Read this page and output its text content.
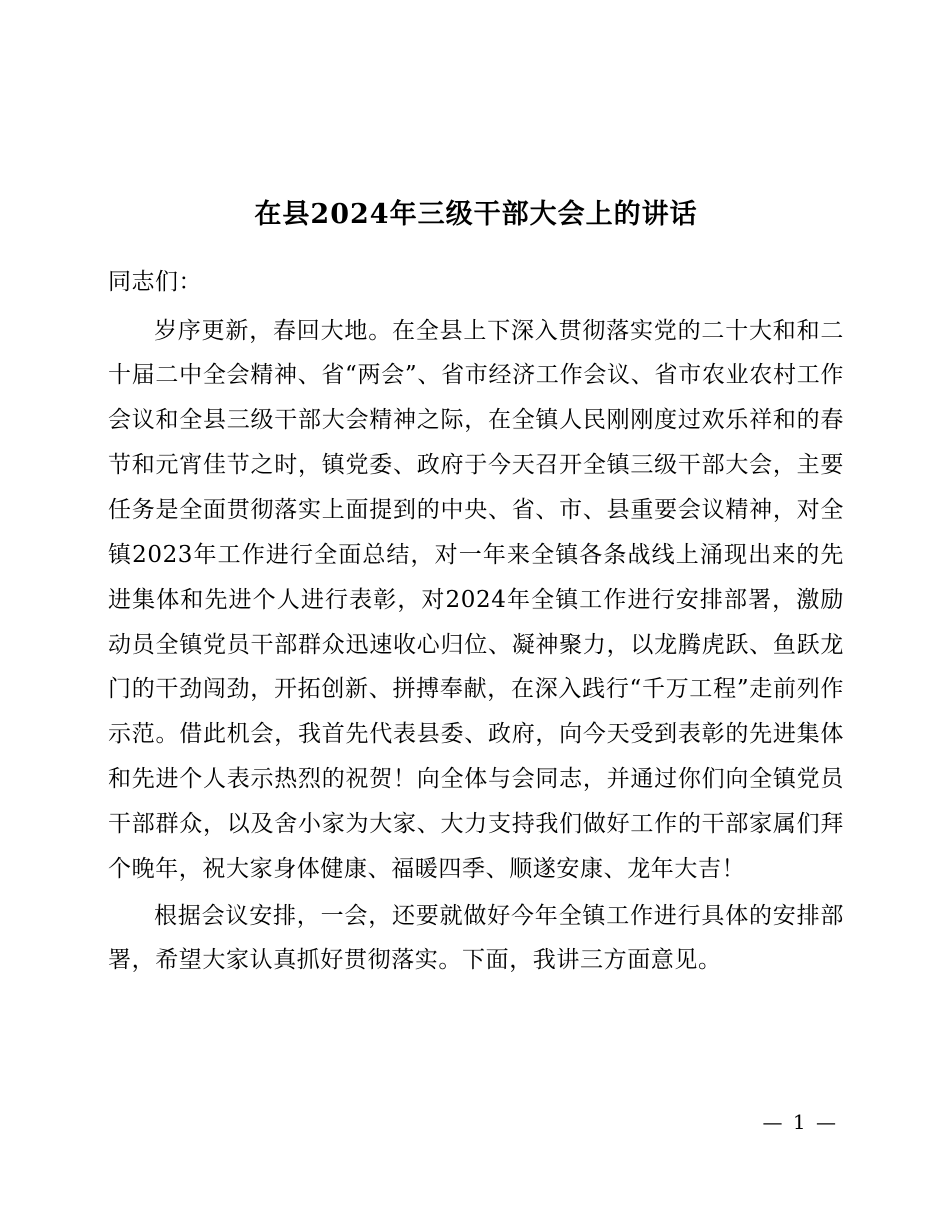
在县2024年三级干部大会上的讲话

同志们：

岁序更新，春回大地。在全县上下深入贯彻落实党的二十大和和二十届二中全会精神、省“两会”、省市经济工作会议、省市农业农村工作会议和全县三级干部大会精神之际，在全镇人民刚刚度过欢乐祥和的春节和元宵佳节之时，镇党委、政府于今天召开全镇三级干部大会，主要任务是全面贯彻落实上面提到的中央、省、市、县重要会议精神，对全镇2023年工作进行全面总结，对一年来全镇各条战线上涌现出来的先进集体和先进个人进行表彰，对2024年全镇工作进行安排部署，激励动员全镇党员干部群众迅速收心归位、凝神聚力，以龙腾虎跃、鱼跃龙门的干劲闯劲，开拓创新、拼搏奉献，在深入践行“千万工程”走前列作示范。借此机会，我首先代表县委、政府，向今天受到表彰的先进集体和先进个人表示热烈的祝贺！向全体与会同志，并通过你们向全镇党员干部群众，以及舍小家为大家、大力支持我们做好工作的干部家属们拜个晚年，祝大家身体健康、福暖四季、顺遂安康、龙年大吉！

根据会议安排，一会，还要就做好今年全镇工作进行具体的安排部署，希望大家认真抓好贯彻落实。下面，我讲三方面意见。

— 1 —
